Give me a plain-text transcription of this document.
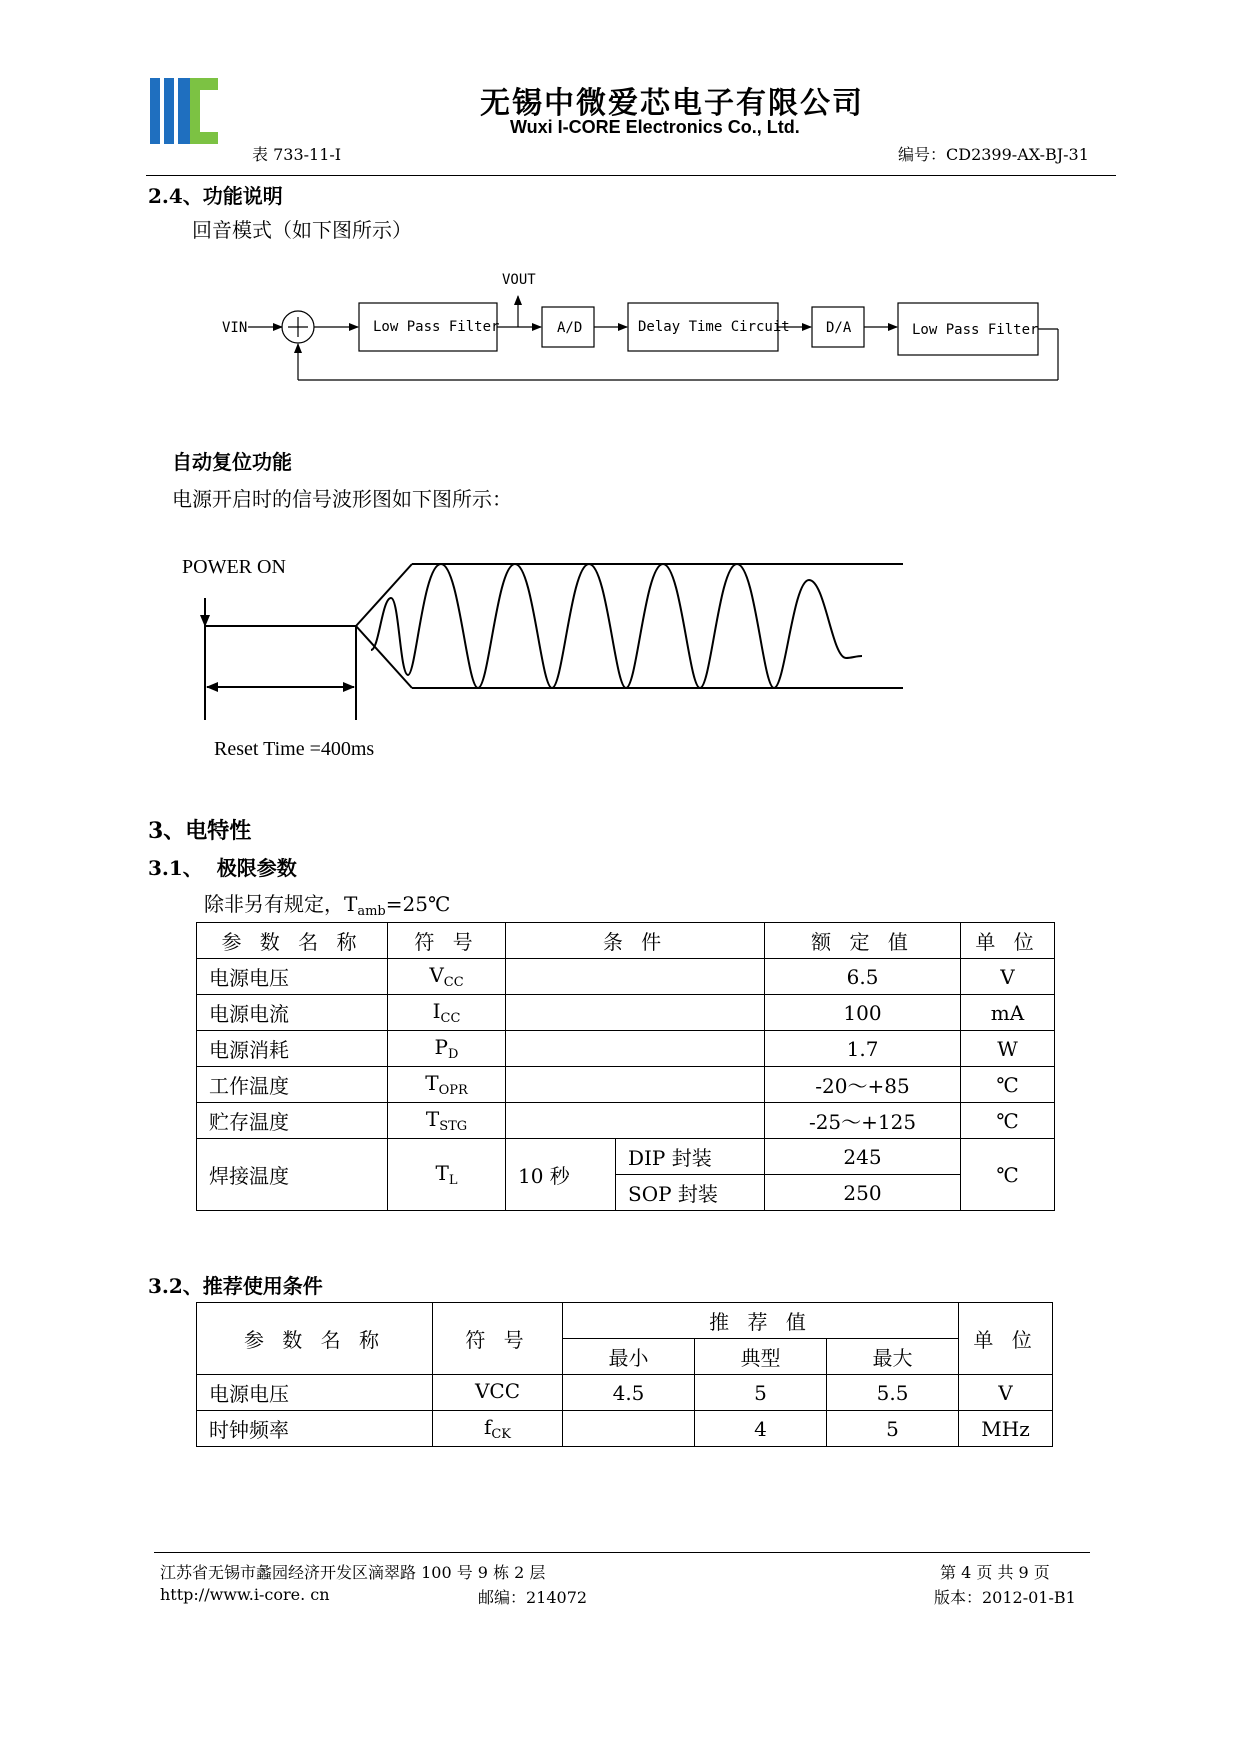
无锡中微爱芯电子有限公司
Wuxi I-CORE Electronics Co., Ltd.
表 733-11-I	编号：CD2399-AX-BJ-31
2.4、功能说明
回音模式（如下图所示）
VIN
VOUT
Low Pass Filter	A/D	Delay Time Circuit	D/A	Low Pass Filter
自动复位功能
电源开启时的信号波形图如下图所示：
POWER ON
Reset Time =400ms
3、电特性
3.1、  极限参数
除非另有规定，$T_{amb}=25℃$
参 数 名 称	符 号	条 件		额 定 值	单 位
电源电压	$V_{CC}$			6.5	V
电源电流	$I_{CC}$			100	mA
电源消耗	$P_D$			1.7	W
工作温度	$T_{OPR}$			-20～+85	℃
贮存温度	$T_{STG}$			-25～+125	℃
焊接温度	$T_L$	10 秒	DIP 封装	245	℃
			SOP 封装	250	
3.2、推荐使用条件
参 数 名 称	符 号	推 荐 值			单 位
		最小	典型	最大	
电源电压	VCC	4.5	5	5.5	V
时钟频率	$f_{CK}$		4	5	MHz
江苏省无锡市蠡园经济开发区滴翠路 100 号 9 栋 2 层
http://www.i-core. cn	邮编：214072
第 4 页 共 9 页
版本：2012-01-B1
